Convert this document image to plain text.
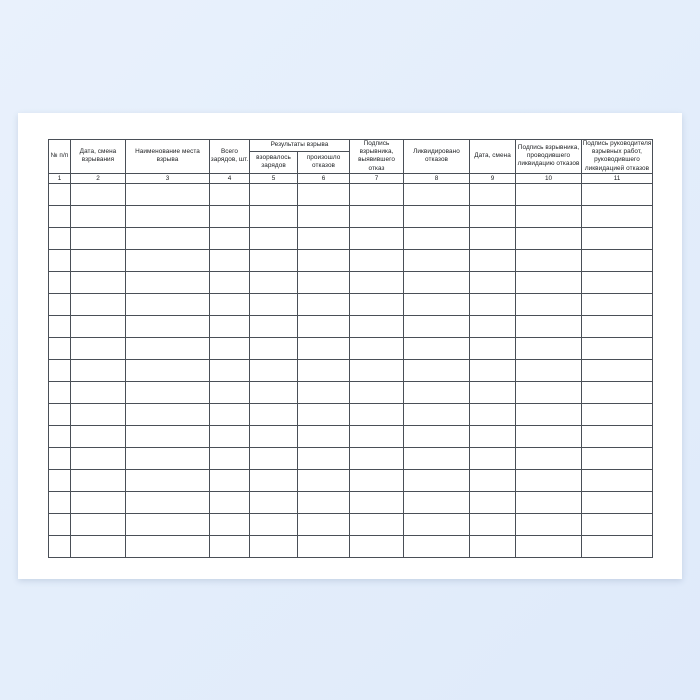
№ п/п	Дата, смена взрывания	Наименование места взрыва	Всего зарядов, шт.	Результаты взрыва		Подпись взрывника, выявившего отказ	Ликвидировано отказов	Дата, смена	Подпись взрывника, проводившего ликвидацию отказов	Подпись руководителя взрывных работ, руководившего ликвидацией отказов
				взорвалось зарядов	произошло отказов					
1	2	3	4	5	6	7	8	9	10	11
